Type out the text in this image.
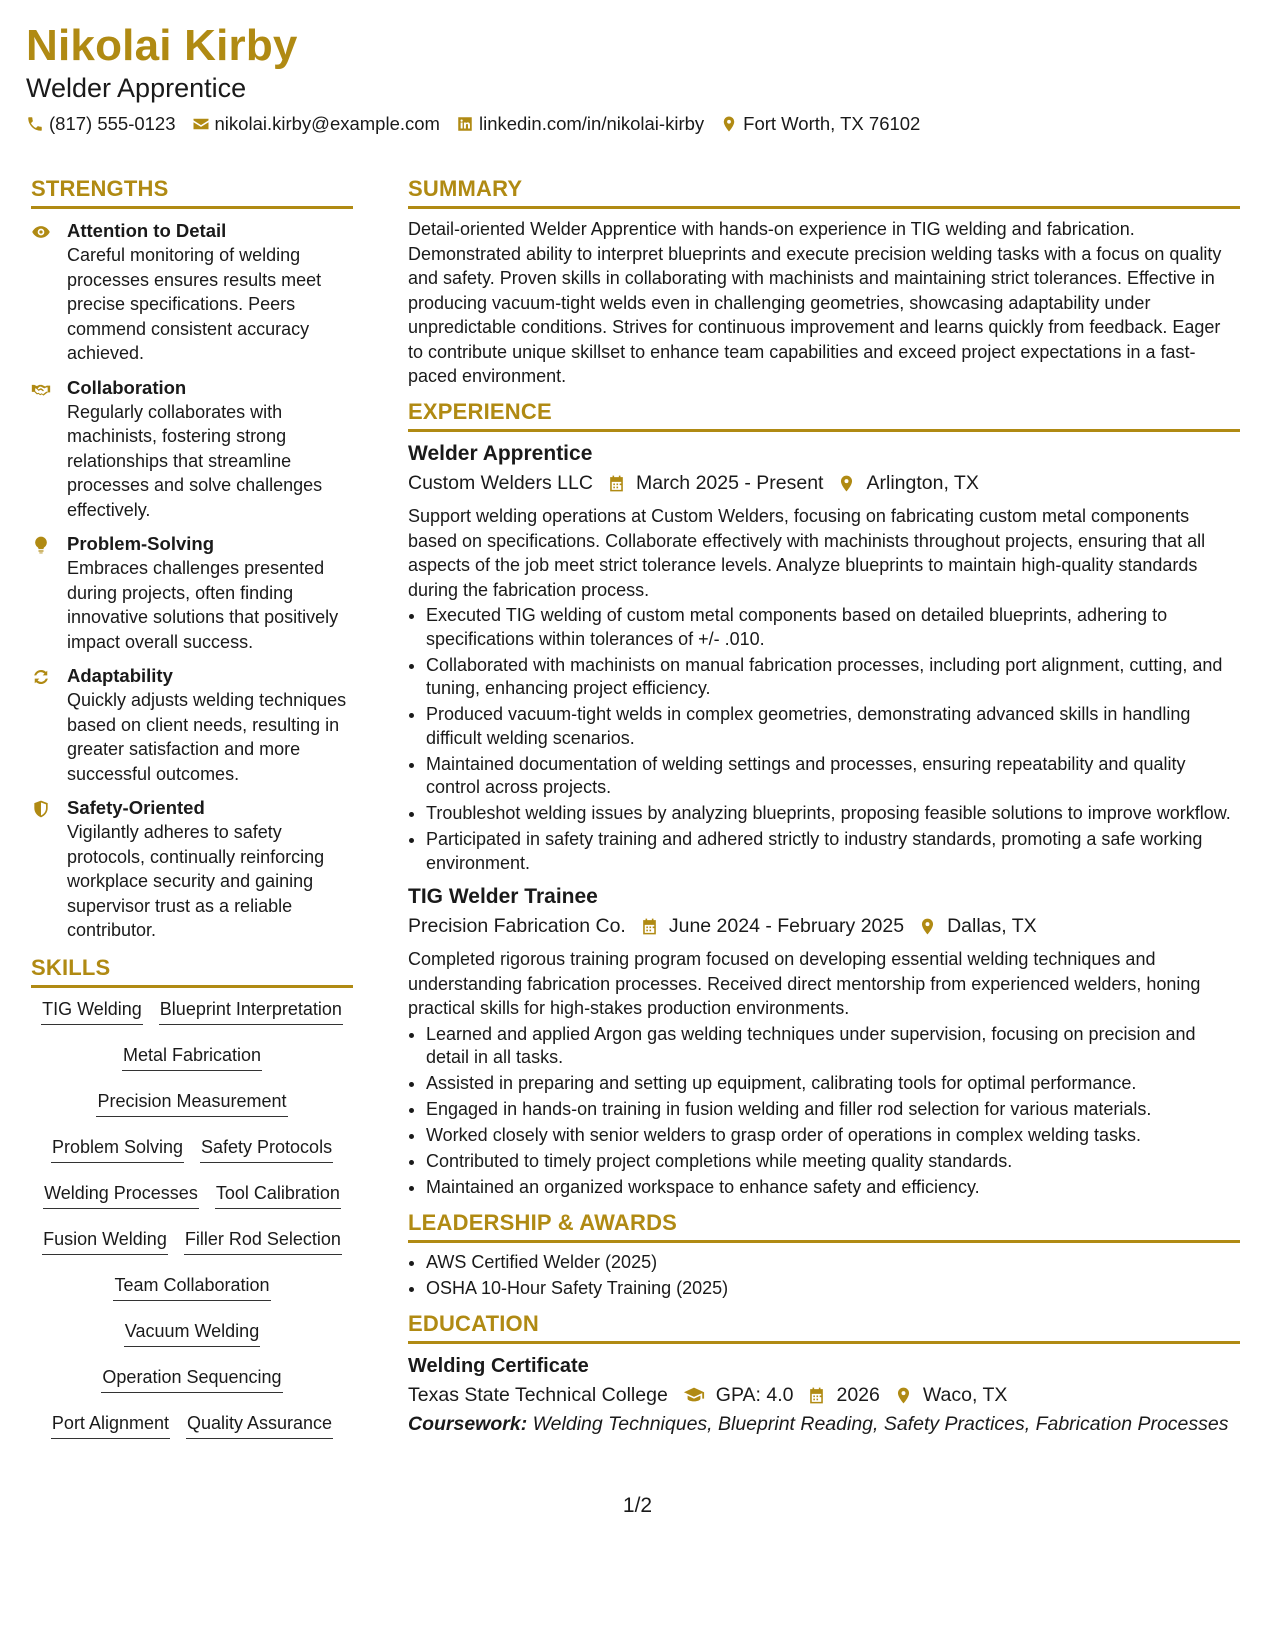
Nikolai Kirby
Welder Apprentice
(817) 555-0123 nikolai.kirby@example.com linkedin.com/in/nikolai-kirby Fort Worth, TX 76102
STRENGTHS
Attention to Detail
Careful monitoring of welding processes ensures results meet precise specifications. Peers commend consistent accuracy achieved.
Collaboration
Regularly collaborates with machinists, fostering strong relationships that streamline processes and solve challenges effectively.
Problem-Solving
Embraces challenges presented during projects, often finding innovative solutions that positively impact overall success.
Adaptability
Quickly adjusts welding techniques based on client needs, resulting in greater satisfaction and more successful outcomes.
Safety-Oriented
Vigilantly adheres to safety protocols, continually reinforcing workplace security and gaining supervisor trust as a reliable contributor.
SKILLS
TIG Welding Blueprint Interpretation
Metal Fabrication
Precision Measurement
Problem Solving Safety Protocols
Welding Processes Tool Calibration
Fusion Welding Filler Rod Selection
Team Collaboration
Vacuum Welding
Operation Sequencing
Port Alignment Quality Assurance
SUMMARY
Detail-oriented Welder Apprentice with hands-on experience in TIG welding and fabrication. Demonstrated ability to interpret blueprints and execute precision welding tasks with a focus on quality and safety. Proven skills in collaborating with machinists and maintaining strict tolerances. Effective in producing vacuum-tight welds even in challenging geometries, showcasing adaptability under unpredictable conditions. Strives for continuous improvement and learns quickly from feedback. Eager to contribute unique skillset to enhance team capabilities and exceed project expectations in a fast-paced environment.
EXPERIENCE
Welder Apprentice
Custom Welders LLC March 2025 - Present Arlington, TX
Support welding operations at Custom Welders, focusing on fabricating custom metal components based on specifications. Collaborate effectively with machinists throughout projects, ensuring that all aspects of the job meet strict tolerance levels. Analyze blueprints to maintain high-quality standards during the fabrication process.
• Executed TIG welding of custom metal components based on detailed blueprints, adhering to specifications within tolerances of +/- .010.
• Collaborated with machinists on manual fabrication processes, including port alignment, cutting, and tuning, enhancing project efficiency.
• Produced vacuum-tight welds in complex geometries, demonstrating advanced skills in handling difficult welding scenarios.
• Maintained documentation of welding settings and processes, ensuring repeatability and quality control across projects.
• Troubleshot welding issues by analyzing blueprints, proposing feasible solutions to improve workflow.
• Participated in safety training and adhered strictly to industry standards, promoting a safe working environment.
TIG Welder Trainee
Precision Fabrication Co. June 2024 - February 2025 Dallas, TX
Completed rigorous training program focused on developing essential welding techniques and understanding fabrication processes. Received direct mentorship from experienced welders, honing practical skills for high-stakes production environments.
• Learned and applied Argon gas welding techniques under supervision, focusing on precision and detail in all tasks.
• Assisted in preparing and setting up equipment, calibrating tools for optimal performance.
• Engaged in hands-on training in fusion welding and filler rod selection for various materials.
• Worked closely with senior welders to grasp order of operations in complex welding tasks.
• Contributed to timely project completions while meeting quality standards.
• Maintained an organized workspace to enhance safety and efficiency.
LEADERSHIP & AWARDS
• AWS Certified Welder (2025)
• OSHA 10-Hour Safety Training (2025)
EDUCATION
Welding Certificate
Texas State Technical College GPA: 4.0 2026 Waco, TX
Coursework: Welding Techniques, Blueprint Reading, Safety Practices, Fabrication Processes
1/2
